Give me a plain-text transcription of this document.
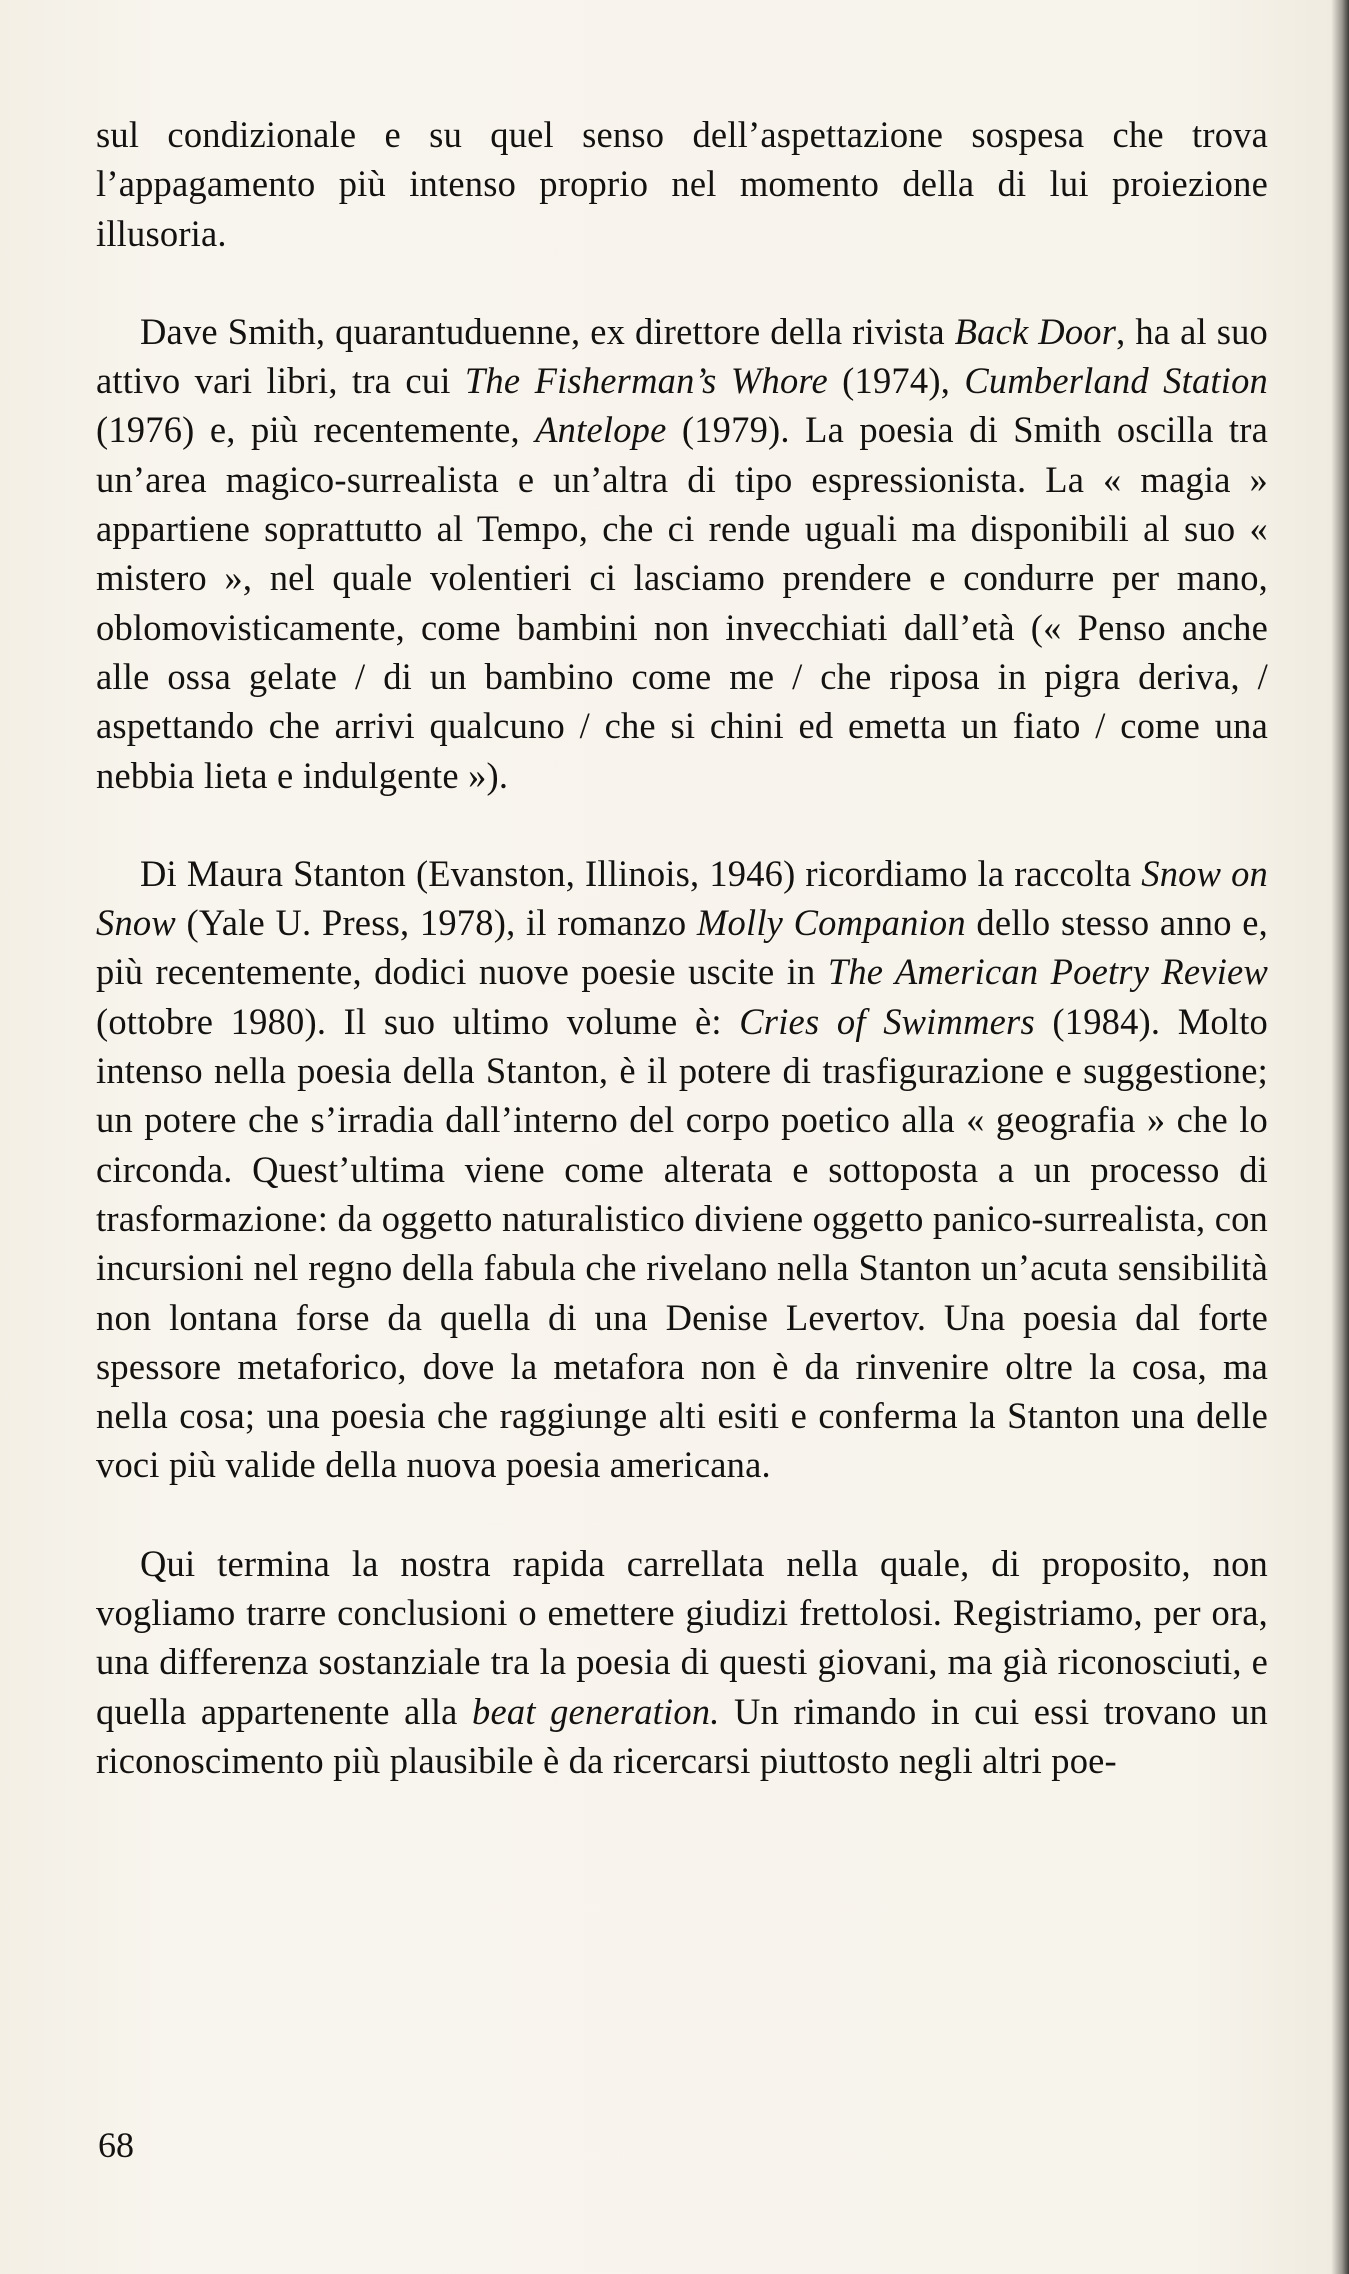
sul condizionale e su quel senso dell’aspettazione sospesa che trova l’appagamento più intenso proprio nel momento della di lui proiezione illusoria.

Dave Smith, quarantuduenne, ex direttore della rivista Back Door, ha al suo attivo vari libri, tra cui The Fisherman’s Whore (1974), Cumberland Station (1976) e, più recentemente, Antelope (1979). La poesia di Smith oscilla tra un’area magico-surrealista e un’altra di tipo espressionista. La « magia » appartiene soprattutto al Tempo, che ci rende uguali ma disponibili al suo « mistero », nel quale volentieri ci lasciamo prendere e condurre per mano, oblomovisticamente, come bambini non invecchiati dall’età (« Penso anche alle ossa gelate / di un bambino come me / che riposa in pigra deriva, / aspettando che arrivi qualcuno / che si chini ed emetta un fiato / come una nebbia lieta e indulgente »).

Di Maura Stanton (Evanston, Illinois, 1946) ricordiamo la raccolta Snow on Snow (Yale U. Press, 1978), il romanzo Molly Companion dello stesso anno e, più recentemente, dodici nuove poesie uscite in The American Poetry Review (ottobre 1980). Il suo ultimo volume è: Cries of Swimmers (1984). Molto intenso nella poesia della Stanton, è il potere di trasfigurazione e suggestione; un potere che s’irradia dall’interno del corpo poetico alla « geografia » che lo circonda. Quest’ultima viene come alterata e sottoposta a un processo di trasformazione: da oggetto naturalistico diviene oggetto panico-surrealista, con incursioni nel regno della fabula che rivelano nella Stanton un’acuta sensibilità non lontana forse da quella di una Denise Levertov. Una poesia dal forte spessore metaforico, dove la metafora non è da rinvenire oltre la cosa, ma nella cosa; una poesia che raggiunge alti esiti e conferma la Stanton una delle voci più valide della nuova poesia americana.

Qui termina la nostra rapida carrellata nella quale, di proposito, non vogliamo trarre conclusioni o emettere giudizi frettolosi. Registriamo, per ora, una differenza sostanziale tra la poesia di questi giovani, ma già riconosciuti, e quella appartenente alla beat generation. Un rimando in cui essi trovano un riconoscimento più plausibile è da ricercarsi piuttosto negli altri poe-

68
